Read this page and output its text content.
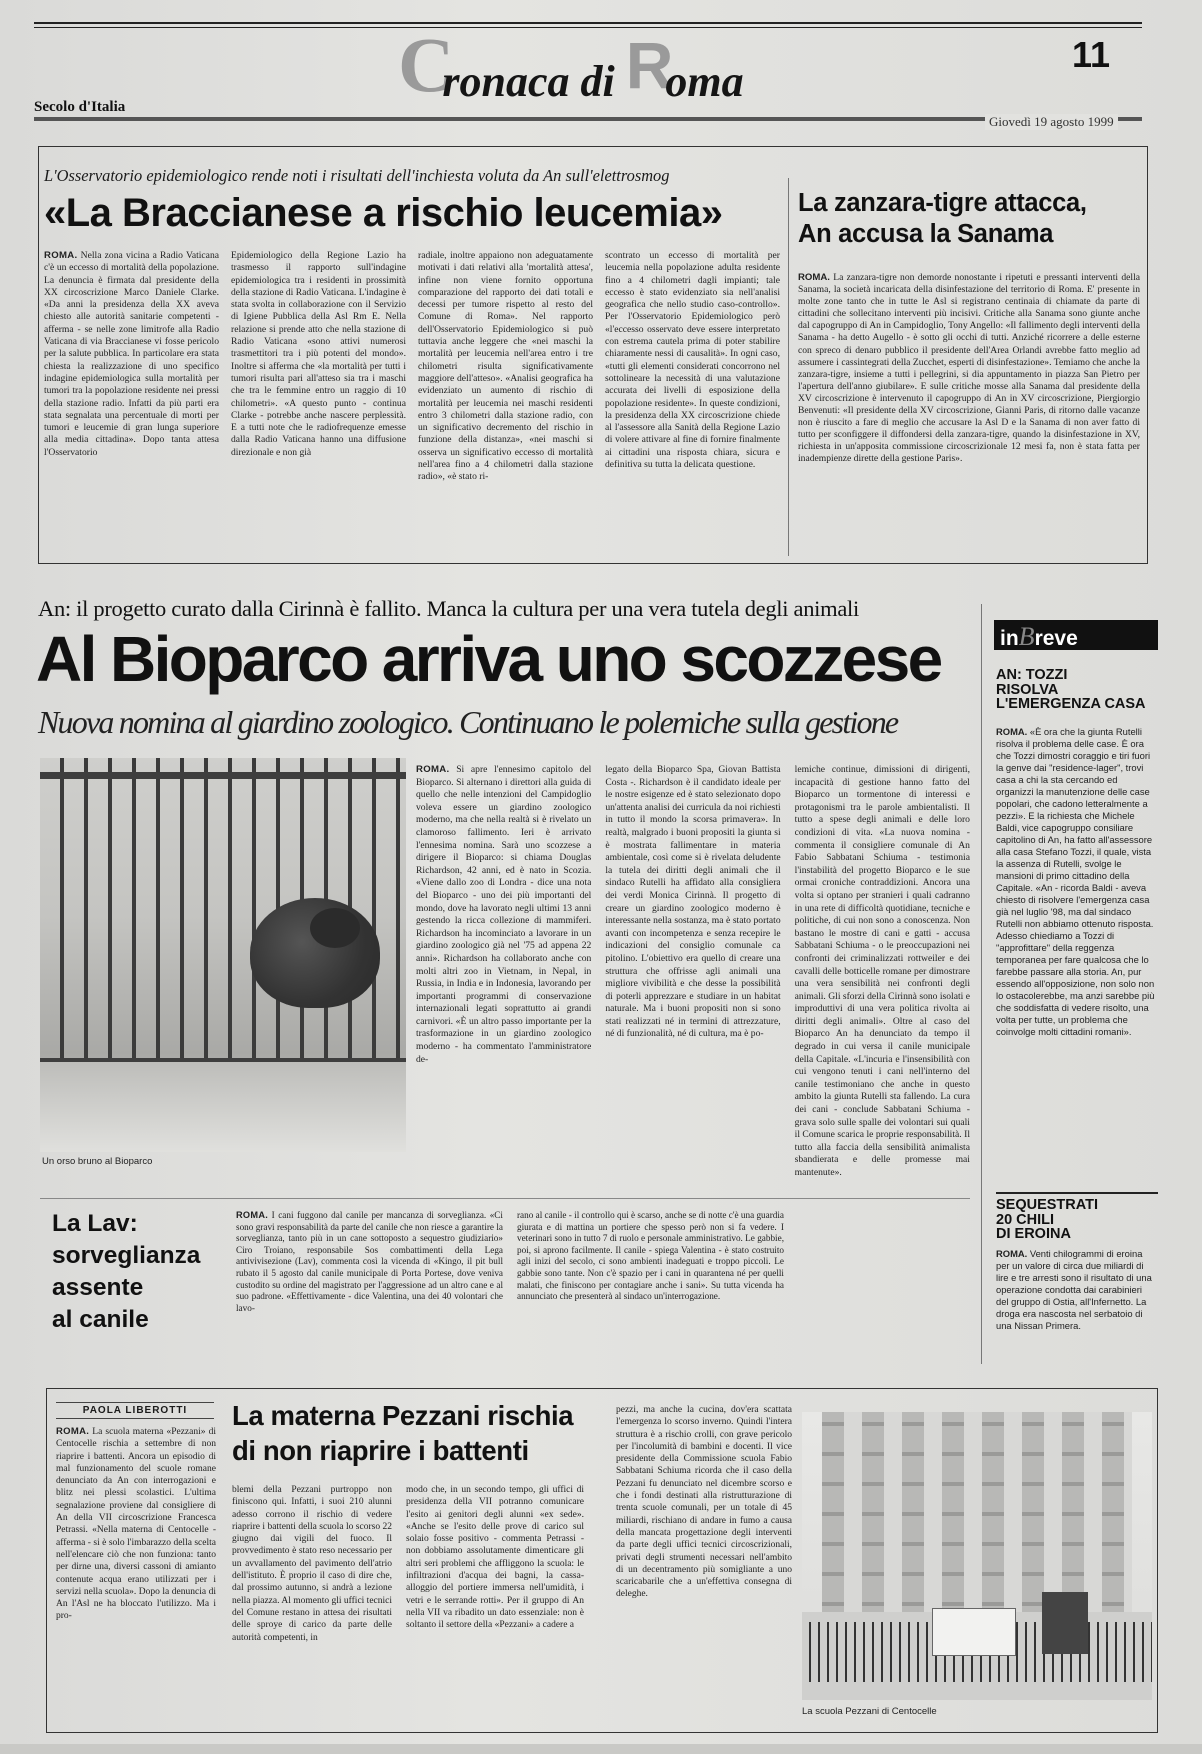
Cronaca di Roma
11
Secolo d'Italia
Giovedì 19 agosto 1999
L'Osservatorio epidemiologico rende noti i risultati dell'inchiesta voluta da An sull'elettrosmog
«La Braccianese a rischio leucemia»
ROMA. Nella zona vicina a Radio Vaticana c'è un eccesso di mortalità della popolazione. La denuncia è firmata dal presidente della XX circoscrizione Marco Daniele Clarke. «Da anni la presidenza della XX aveva chiesto alle autorità sanitarie competenti - afferma - se nelle zone limitrofe alla Radio Vaticana di via Braccianese vi fosse pericolo per la salute pubblica. In particolare era stata chiesta la realizzazione di uno specifico indagine epidemiologica sulla mortalità per tumori tra la popolazione residente nei pressi della stazione radio. Infatti da più parti era stata segnalata una percentuale di morti per tumori e leucemie di gran lunga superiore alla media cittadina». Dopo tanta attesa l'Osservatorio
Epidemiologico della Regione Lazio ha trasmesso il rapporto sull'indagine epidemiologica tra i residenti in prossimità della stazione di Radio Vaticana. L'indagine è stata svolta in collaborazione con il Servizio di Igiene Pubblica della Asl Rm E. Nella relazione si prende atto che nella stazione di Radio Vaticana «sono attivi numerosi trasmettitori tra i più potenti del mondo». Inoltre si afferma che «la mortalità per tutti i tumori risulta pari all'atteso sia tra i maschi che tra le femmine entro un raggio di 10 chilometri». «A questo punto - continua Clarke - potrebbe anche nascere perplessità. E a tutti note che le radiofrequenze emesse dalla Radio Vaticana hanno una diffusione direzionale e non già
radiale, inoltre appaiono non adeguatamente motivati i dati relativi alla 'mortalità attesa', infine non viene fornito opportuna comparazione del rapporto dei dati totali e decessi per tumore rispetto al resto del Comune di Roma». Nel rapporto dell'Osservatorio Epidemiologico si può tuttavia anche leggere che «nei maschi la mortalità per leucemia nell'area entro i tre chilometri risulta significativamente maggiore dell'atteso». «Analisi geografica ha evidenziato un aumento di rischio di mortalità per leucemia nei maschi residenti entro 3 chilometri dalla stazione radio, con un significativo decremento del rischio in funzione della distanza», «nei maschi si osserva un significativo eccesso di mortalità nell'area fino a 4 chilometri dalla stazione radio», «è stato ri-
scontrato un eccesso di mortalità per leucemia nella popolazione adulta residente fino a 4 chilometri dagli impianti; tale eccesso è stato evidenziato sia nell'analisi geografica che nello studio caso-controllo». Per l'Osservatorio Epidemiologico però «l'eccesso osservato deve essere interpretato con estrema cautela prima di poter stabilire chiaramente nessi di causalità». In ogni caso, «tutti gli elementi considerati concorrono nel sottolineare la necessità di una valutazione accurata dei livelli di esposizione della popolazione residente». In queste condizioni, la presidenza della XX circoscrizione chiede al l'assessore alla Sanità della Regione Lazio di volere attivare al fine di fornire finalmente ai cittadini una risposta chiara, sicura e definitiva su tutta la delicata questione.
La zanzara-tigre attacca,
An accusa la Sanama
ROMA. La zanzara-tigre non demorde nonostante i ripetuti e pressanti interventi della Sanama, la società incaricata della disinfestazione del territorio di Roma. E' presente in molte zone tanto che in tutte le Asl si registrano centinaia di chiamate da parte di cittadini che sollecitano interventi più incisivi. Critiche alla Sanama sono giunte anche dal capogruppo di An in Campidoglio, Tony Angello: «Il fallimento degli interventi della Sanama - ha detto Augello - è sotto gli occhi di tutti. Anziché ricorrere a delle esterne con spreco di denaro pubblico il presidente dell'Area Orlandi avrebbe fatto meglio ad assumere i cassintegrati della Zucchet, esperti di disinfestazione». Temiamo che anche la zanzara-tigre, insieme a tutti i pellegrini, si dia appuntamento in piazza San Pietro per l'apertura dell'anno giubilare». E sulle critiche mosse alla Sanama dal presidente della XV circoscrizione è intervenuto il capogruppo di An in XV circoscrizione, Piergiorgio Benvenuti: «Il presidente della XV circoscrizione, Gianni Paris, di ritorno dalle vacanze non è riuscito a fare di meglio che accusare la Asl D e la Sanama di non aver fatto di tutto per sconfiggere il diffondersi della zanzara-tigre, quando la disinfestazione in XV, richiesta in un'apposita commissione circoscrizionale 12 mesi fa, non è stata fatta per inadempienze dirette della gestione Paris».
An: il progetto curato dalla Cirinnà è fallito. Manca la cultura per una vera tutela degli animali
Al Bioparco arriva uno scozzese
Nuova nomina al giardino zoologico. Continuano le polemiche sulla gestione
Un orso bruno al Bioparco
ROMA. Si apre l'ennesimo capitolo del Bioparco. Si alternano i direttori alla guida di quello che nelle intenzioni del Campidoglio voleva essere un giardino zoologico moderno, ma che nella realtà si è rivelato un clamoroso fallimento. Ieri è arrivato l'ennesima nomina. Sarà uno scozzese a dirigere il Bioparco: si chiama Douglas Richardson, 42 anni, ed è nato in Scozia. «Viene dallo zoo di Londra - dice una nota del Bioparco - uno dei più importanti del mondo, dove ha lavorato negli ultimi 13 anni gestendo la ricca collezione di mammiferi. Richardson ha incominciato a lavorare in un giardino zoologico già nel '75 ad appena 22 anni». Richardson ha collaborato anche con molti altri zoo in Vietnam, in Nepal, in Russia, in India e in Indonesia, lavorando per importanti programmi di conservazione internazionali legati soprattutto ai grandi carnivori. «È un altro passo importante per la trasformazione in un giardino zoologico moderno - ha commentato l'amministratore de-
legato della Bioparco Spa, Giovan Battista Costa -. Richardson è il candidato ideale per le nostre esigenze ed è stato selezionato dopo un'attenta analisi dei curricula da noi richiesti in tutto il mondo la scorsa primavera». In realtà, malgrado i buoni propositi la giunta si è mostrata fallimentare in materia ambientale, così come si è rivelata deludente la tutela dei diritti degli animali che il sindaco Rutelli ha affidato alla consigliera dei verdi Monica Cirinnà. Il progetto di creare un giardino zoologico moderno è interessante nella sostanza, ma è stato portato avanti con incompetenza e senza recepire le indicazioni del consiglio comunale ca pitolino. L'obiettivo era quello di creare una struttura che offrisse agli animali una migliore vivibilità e che desse la possibilità di poterli apprezzare e studiare in un habitat naturale. Ma i buoni propositi non si sono stati realizzati né in termini di attrezzature, né di funzionalità, né di cultura, ma è po-
lemiche continue, dimissioni di dirigenti, incapacità di gestione hanno fatto del Bioparco un tormentone di interessi e protagonismi tra le parole ambientalisti. Il tutto a spese degli animali e delle loro condizioni di vita. «La nuova nomina - commenta il consigliere comunale di An Fabio Sabbatani Schiuma - testimonia l'instabilità del progetto Bioparco e le sue ormai croniche contraddizioni. Ancora una volta si optano per stranieri i quali cadranno in una rete di difficoltà quotidiane, tecniche e politiche, di cui non sono a conoscenza. Non bastano le mostre di cani e gatti - accusa Sabbatani Schiuma - o le preoccupazioni nei confronti dei criminalizzati rottweiler e dei cavalli delle botticelle romane per dimostrare una vera sensibilità nei confronti degli animali. Gli sforzi della Cirinnà sono isolati e improduttivi di una vera politica rivolta ai diritti degli animali». Oltre al caso del Bioparco An ha denunciato da tempo il degrado in cui versa il canile municipale della Capitale. «L'incuria e l'insensibilità con cui vengono tenuti i cani nell'interno del canile testimoniano che anche in questo ambito la giunta Rutelli sta fallendo. La cura dei cani - conclude Sabbatani Schiuma - grava solo sulle spalle dei volontari sui quali il Comune scarica le proprie responsabilità. Il tutto alla faccia della sensibilità animalista sbandierata e delle promesse mai mantenute».
inBreve
AN: TOZZI
RISOLVA
L'EMERGENZA CASA
ROMA. «È ora che la giunta Rutelli risolva il problema delle case. È ora che Tozzi dimostri coraggio e tiri fuori la genve dai "residence-lager", trovi casa a chi la sta cercando ed organizzi la manutenzione delle case popolari, che cadono letteralmente a pezzi». E la richiesta che Michele Baldi, vice capogruppo consiliare capitolino di An, ha fatto all'assessore alla casa Stefano Tozzi, il quale, vista la assenza di Rutelli, svolge le mansioni di primo cittadino della Capitale. «An - ricorda Baldi - aveva chiesto di risolvere l'emergenza casa già nel luglio '98, ma dal sindaco Rutelli non abbiamo ottenuto risposta. Adesso chiediamo a Tozzi di "approfittare" della reggenza temporanea per fare qualcosa che lo farebbe passare alla storia. An, pur essendo all'opposizione, non solo non lo ostacolerebbe, ma anzi sarebbe più che soddisfatta di vedere risolto, una volta per tutte, un problema che coinvolge molti cittadini romani».
SEQUESTRATI
20 CHILI
DI EROINA
ROMA. Venti chilogrammi di eroina per un valore di circa due miliardi di lire e tre arresti sono il risultato di una operazione condotta dai carabinieri del gruppo di Ostia, all'Infernetto. La droga era nascosta nel serbatoio di una Nissan Primera.
La Lav:
sorveglianza
assente
al canile
ROMA. I cani fuggono dal canile per mancanza di sorveglianza. «Ci sono gravi responsabilità da parte del canile che non riesce a garantire la sorveglianza, tanto più in un cane sottoposto a sequestro giudiziario» Ciro Troiano, responsabile Sos combattimenti della Lega antivivisezione (Lav), commenta così la vicenda di «Kingo, il pit bull rubato il 5 agosto dal canile municipale di Porta Portese, dove veniva custodito su ordine del magistrato per l'aggressione ad un altro cane e al suo padrone. «Effettivamente - dice Valentina, una dei 40 volontari che lavo-
rano al canile - il controllo qui è scarso, anche se di notte c'è una guardia giurata e di mattina un portiere che spesso però non si fa vedere. I veterinari sono in tutto 7 di ruolo e personale amministrativo. Le gabbie, poi, si aprono facilmente. Il canile - spiega Valentina - è stato costruito agli inizi del secolo, ci sono ambienti inadeguati e troppo piccoli. Le gabbie sono tante. Non c'è spazio per i cani in quarantena né per quelli malati, che finiscono per contagiare anche i sani». Su tutta vicenda ha annunciato che presenterà al sindaco un'interrogazione.
PAOLA LIBEROTTI	La materna Pezzani rischia
di non riaprire i battenti
ROMA. La scuola materna «Pezzani» di Centocelle rischia a settembre di non riaprire i battenti. Ancora un episodio di mal funzionamento del scuole romane denunciato da An con interrogazioni e blitz nei plessi scolastici. L'ultima segnalazione proviene dal consigliere di An della VII circoscrizione Francesca Petrassi. «Nella materna di Centocelle - afferma - si è solo l'imbarazzo della scelta nell'elencare ciò che non funziona: tanto per dirne una, diversi cassoni di amianto contenute acqua erano utilizzati per i servizi nella scuola». Dopo la denuncia di An l'Asl ne ha bloccato l'utilizzo. Ma i pro-
blemi della Pezzani purtroppo non finiscono qui. Infatti, i suoi 210 alunni adesso corrono il rischio di vedere riaprire i battenti della scuola lo scorso 22 giugno dai vigili del fuoco. Il provvedimento è stato reso necessario per un avvallamento del pavimento dell'atrio dell'istituto. È proprio il caso di dire che, dal prossimo autunno, si andrà a lezione nella piazza. Al momento gli uffici tecnici del Comune restano in attesa dei risultati delle sproye di carico da parte delle autorità competenti, in
modo che, in un secondo tempo, gli uffici di presidenza della VII potranno comunicare l'esito ai genitori degli alunni «ex sede». «Anche se l'esito delle prove di carico sul solaio fosse positivo - commenta Petrassi - non dobbiamo assolutamente dimenticare gli altri seri problemi che affliggono la scuola: le infiltrazioni d'acqua dei bagni, la cassa-alloggio del portiere immersa nell'umidità, i vetri e le serrande rotti». Per il gruppo di An nella VII va ribadito un dato essenziale: non è soltanto il settore della «Pezzani» a cadere a
pezzi, ma anche la cucina, dov'era scattata l'emergenza lo scorso inverno. Quindi l'intera struttura è a rischio crolli, con grave pericolo per l'incolumità di bambini e docenti. Il vice presidente della Commissione scuola Fabio Sabbatani Schiuma ricorda che il caso della Pezzani fu denunciato nel dicembre scorso e che i fondi destinati alla ristrutturazione di trenta scuole comunali, per un totale di 45 miliardi, rischiano di andare in fumo a causa della mancata progettazione degli interventi da parte degli uffici tecnici circoscrizionali, privati degli strumenti necessari nell'ambito di un decentramento più somigliante a uno scaricabarile che a un'effettiva consegna di deleghe.
La scuola Pezzani di Centocelle
